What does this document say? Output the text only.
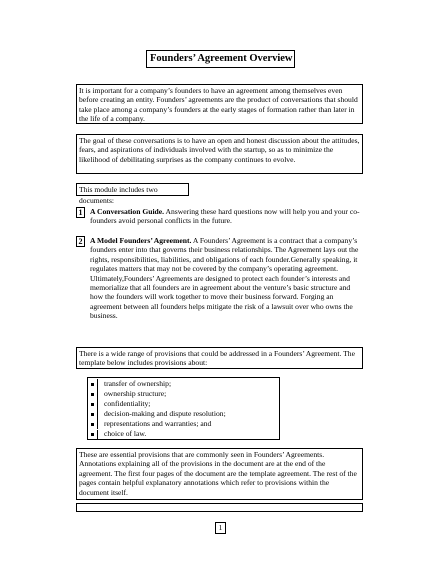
Founders’ Agreement Overview
It is important for a company’s founders to have an agreement among themselves even before creating an entity. Founders’ agreements are the product of conversations that should take place among a company’s founders at the early stages of formation rather than later in the life of a company.
The goal of these conversations is to have an open and honest discussion about the attitudes, fears, and aspirations of individuals involved with the startup, so as to minimize the likelihood of debilitating surprises as the company continues to evolve.
This module includes two documents:
1 A Conversation Guide. Answering these hard questions now will help you and your co-founders avoid personal conflicts in the future.
2 A Model Founders’ Agreement. A Founders’ Agreement is a contract that a company’s founders enter into that governs their business relationships. The Agreement lays out the rights, responsibilities, liabilities, and obligations of each founder.Generally speaking, it regulates matters that may not be covered by the company’s operating agreement. Ultimately,Founders’ Agreements are designed to protect each founder’s interests and memorialize that all founders are in agreement about the venture’s basic structure and how the founders will work together to move their business forward. Forging an agreement between all founders helps mitigate the risk of a lawsuit over who owns the business.
There is a wide range of provisions that could be addressed in a Founders’ Agreement. The template below includes provisions about:
transfer of ownership;
ownership structure;
confidentiality;
decision-making and dispute resolution;
representations and warranties; and
choice of law.
These are essential provisions that are commonly seen in Founders’ Agreements. Annotations explaining all of the provisions in the document are at the end of the agreement. The first four pages of the document are the template agreement. The rest of the pages contain helpful explanatory annotations which refer to provisions within the document itself.
1
